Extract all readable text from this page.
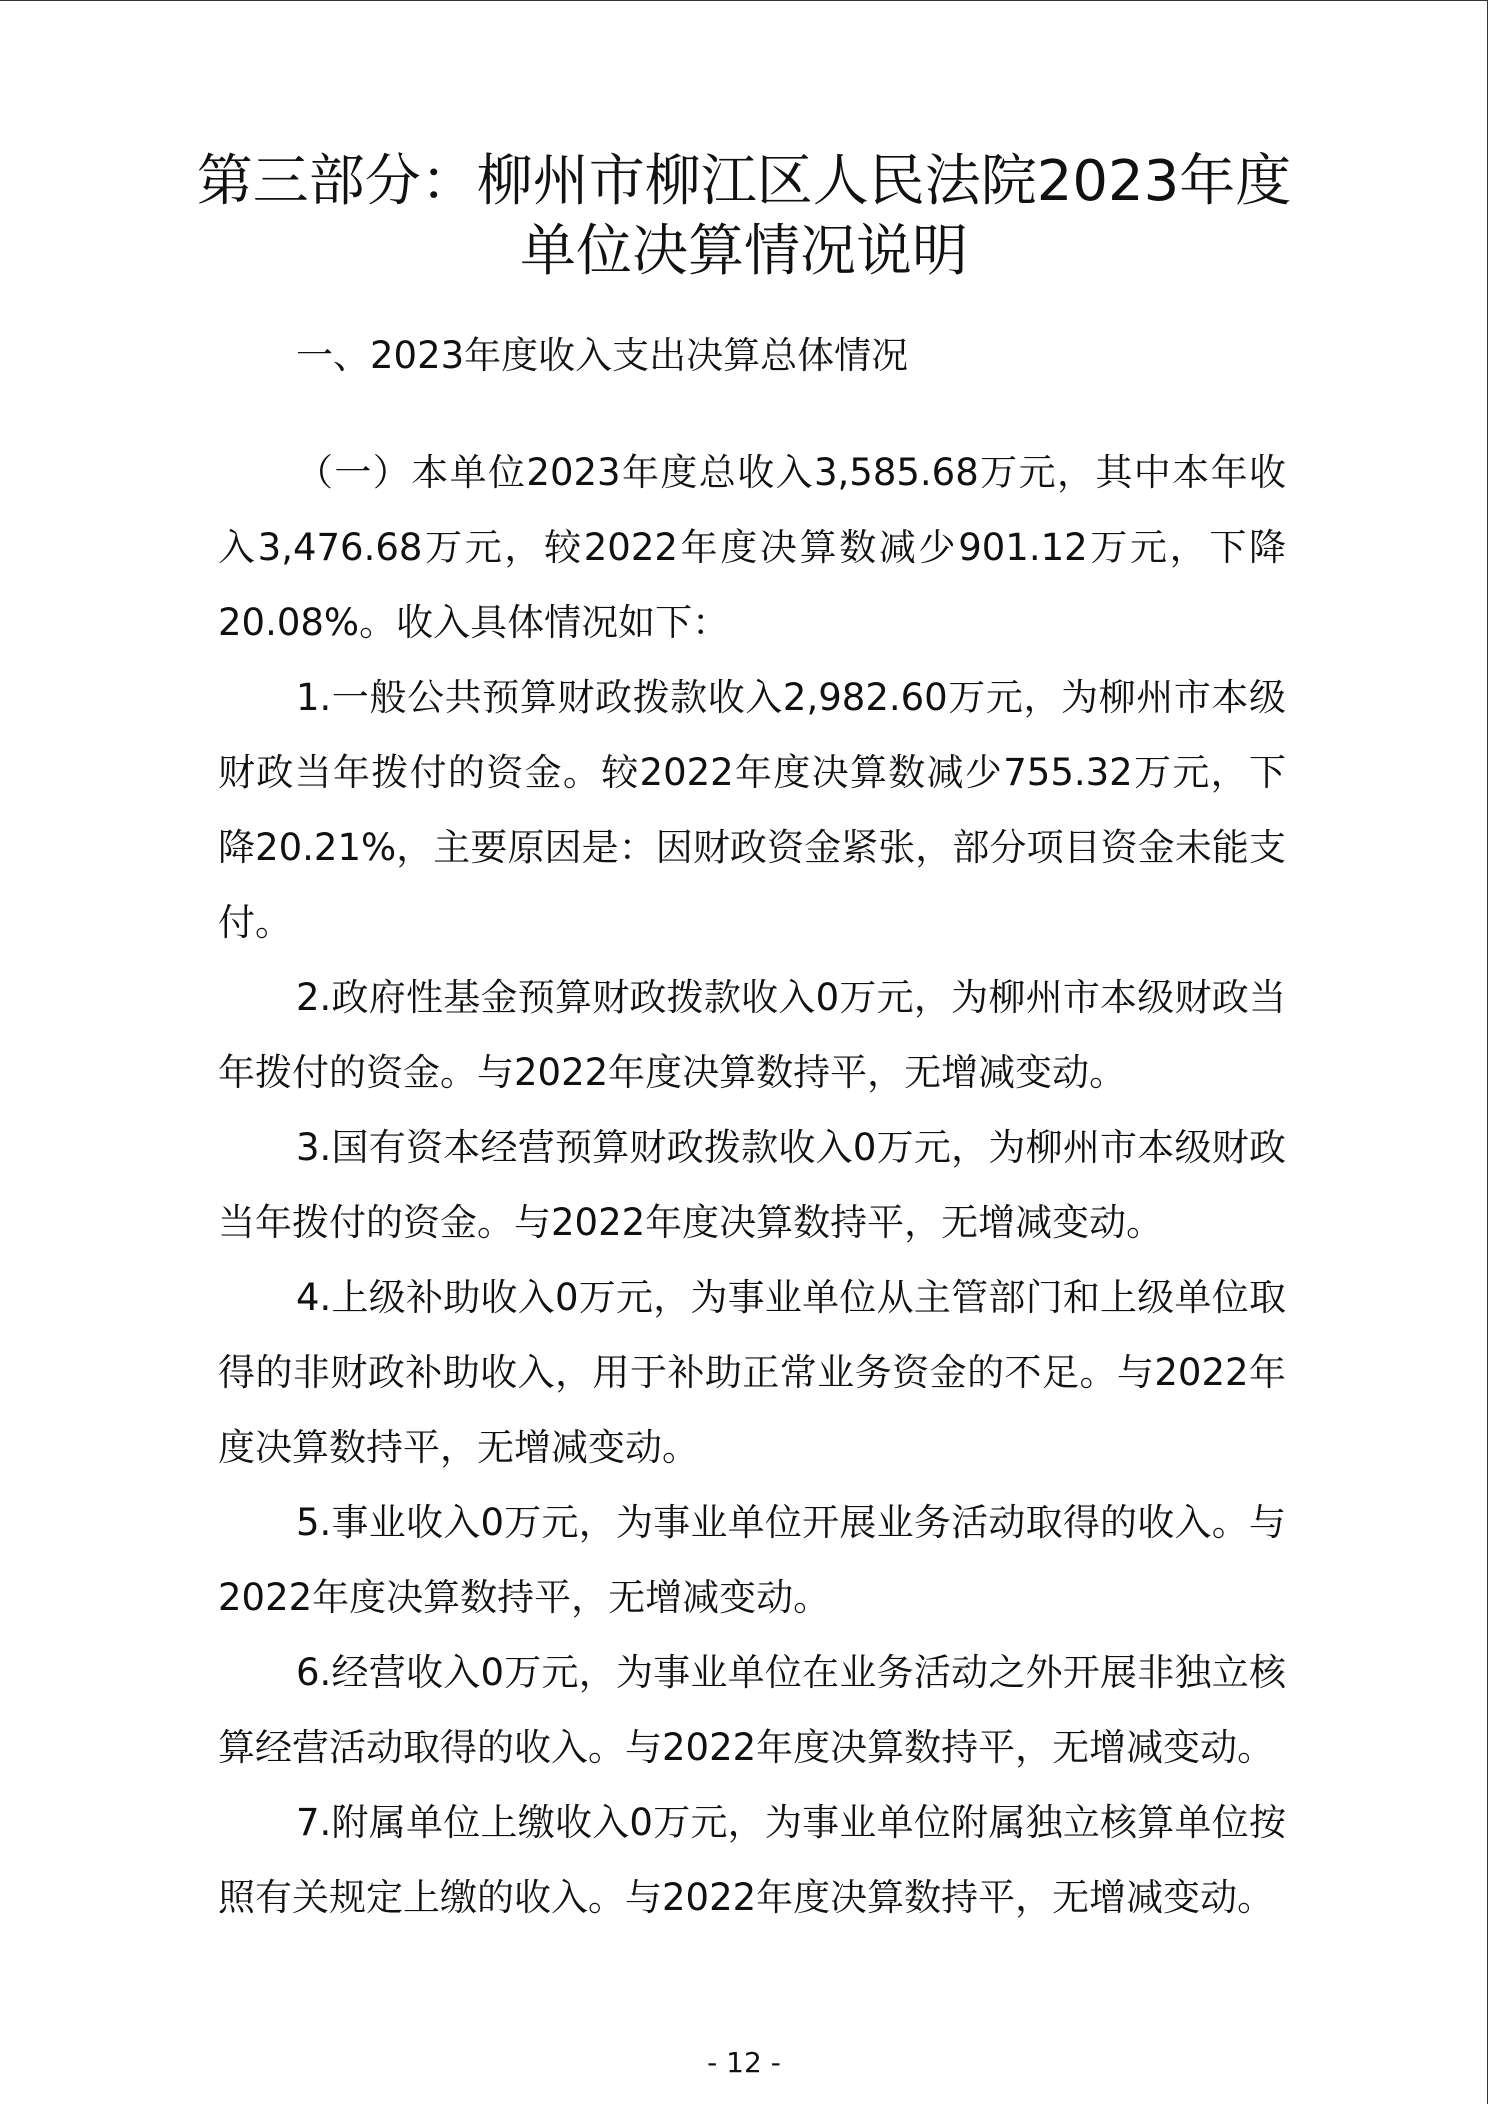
第三部分：柳州市柳江区人民法院2023年度
单位决算情况说明
一、2023年度收入支出决算总体情况

（一）本单位2023年度总收入3,585.68万元，其中本年收入3,476.68万元，较2022年度决算数减少901.12万元，下降20.08%。收入具体情况如下：

1.一般公共预算财政拨款收入2,982.60万元，为柳州市本级财政当年拨付的资金。较2022年度决算数减少755.32万元，下降20.21%，主要原因是：因财政资金紧张，部分项目资金未能支付。

2.政府性基金预算财政拨款收入0万元，为柳州市本级财政当年拨付的资金。与2022年度决算数持平，无增减变动。

3.国有资本经营预算财政拨款收入0万元，为柳州市本级财政当年拨付的资金。与2022年度决算数持平，无增减变动。

4.上级补助收入0万元，为事业单位从主管部门和上级单位取得的非财政补助收入，用于补助正常业务资金的不足。与2022年度决算数持平，无增减变动。

5.事业收入0万元，为事业单位开展业务活动取得的收入。与2022年度决算数持平，无增减变动。

6.经营收入0万元，为事业单位在业务活动之外开展非独立核算经营活动取得的收入。与2022年度决算数持平，无增减变动。

7.附属单位上缴收入0万元，为事业单位附属独立核算单位按照有关规定上缴的收入。与2022年度决算数持平，无增减变动。

- 12 -
